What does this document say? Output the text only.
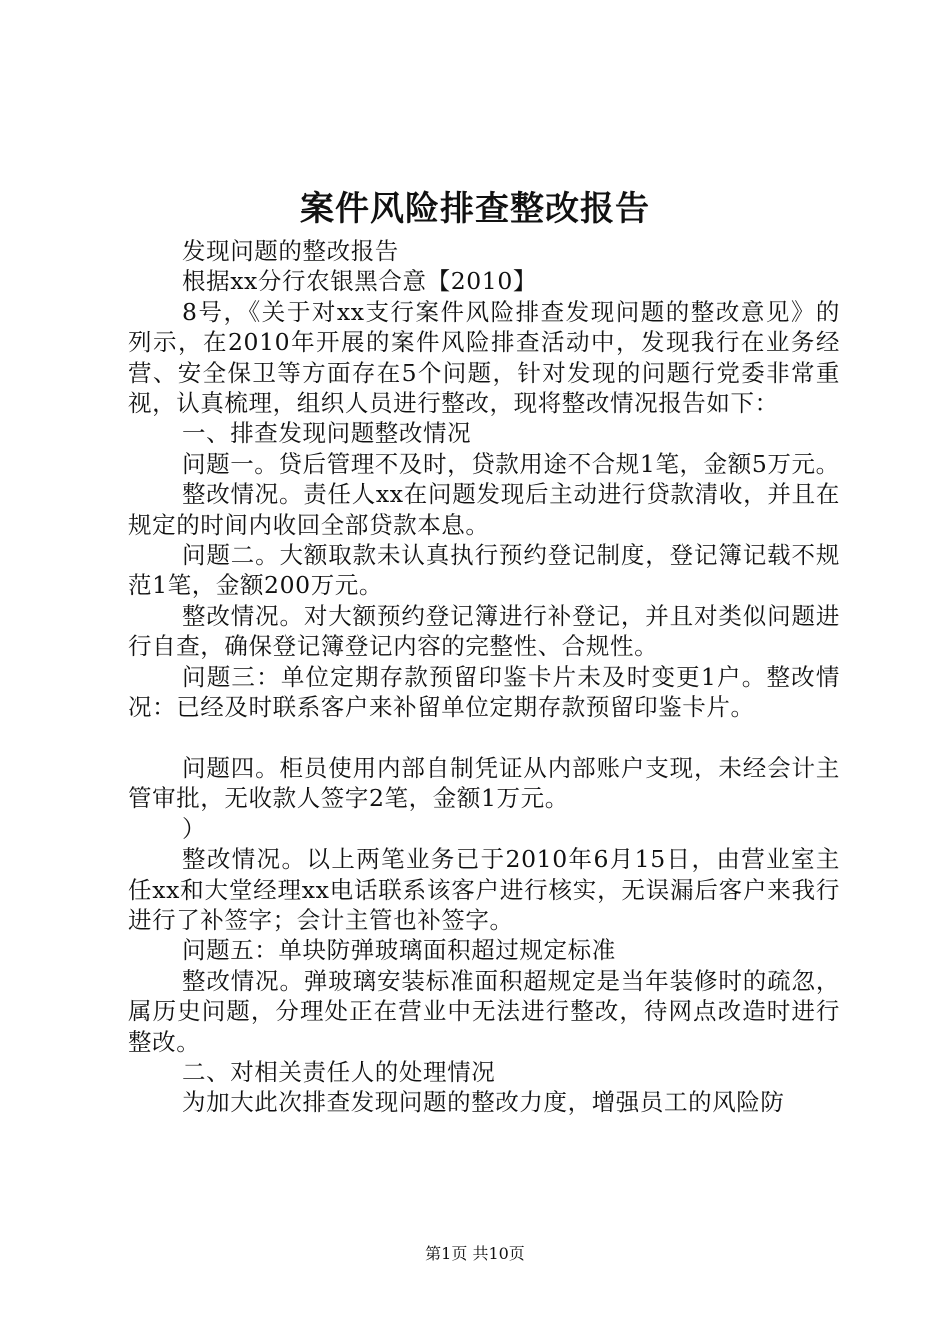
案件风险排查整改报告

发现问题的整改报告

根据xx分行农银黑合意【2010】

8号，《关于对xx支行案件风险排查发现问题的整改意见》的列示，在2010年开展的案件风险排查活动中，发现我行在业务经营、安全保卫等方面存在5个问题，针对发现的问题行党委非常重视，认真梳理，组织人员进行整改，现将整改情况报告如下：

一、排查发现问题整改情况

问题一。贷后管理不及时，贷款用途不合规1笔，金额5万元。

整改情况。责任人xx在问题发现后主动进行贷款清收，并且在规定的时间内收回全部贷款本息。

问题二。大额取款未认真执行预约登记制度，登记簿记载不规范1笔，金额200万元。

整改情况。对大额预约登记簿进行补登记，并且对类似问题进行自查，确保登记簿登记内容的完整性、合规性。

问题三：单位定期存款预留印鉴卡片未及时变更1户。整改情况：已经及时联系客户来补留单位定期存款预留印鉴卡片。

问题四。柜员使用内部自制凭证从内部账户支现，未经会计主管审批，无收款人签字2笔，金额1万元。

）

整改情况。以上两笔业务已于2010年6月15日，由营业室主任xx和大堂经理xx电话联系该客户进行核实，无误漏后客户来我行进行了补签字；会计主管也补签字。

问题五：单块防弹玻璃面积超过规定标准

整改情况。弹玻璃安装标准面积超规定是当年装修时的疏忽，属历史问题，分理处正在营业中无法进行整改，待网点改造时进行整改。

二、对相关责任人的处理情况

为加大此次排查发现问题的整改力度，增强员工的风险防

第1页 共10页
